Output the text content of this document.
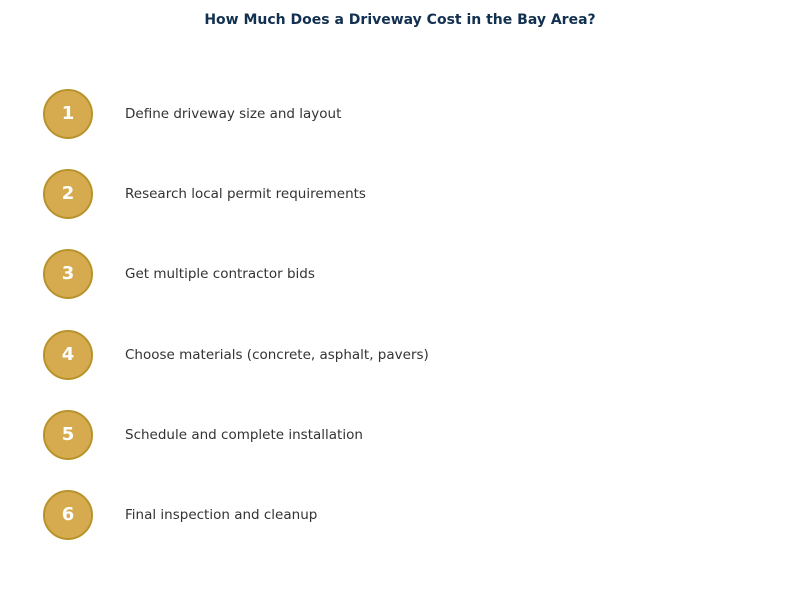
How Much Does a Driveway Cost in the Bay Area?
1	Define driveway size and layout
2	Research local permit requirements
3	Get multiple contractor bids
4	Choose materials (concrete, asphalt, pavers)
5	Schedule and complete installation
6	Final inspection and cleanup
